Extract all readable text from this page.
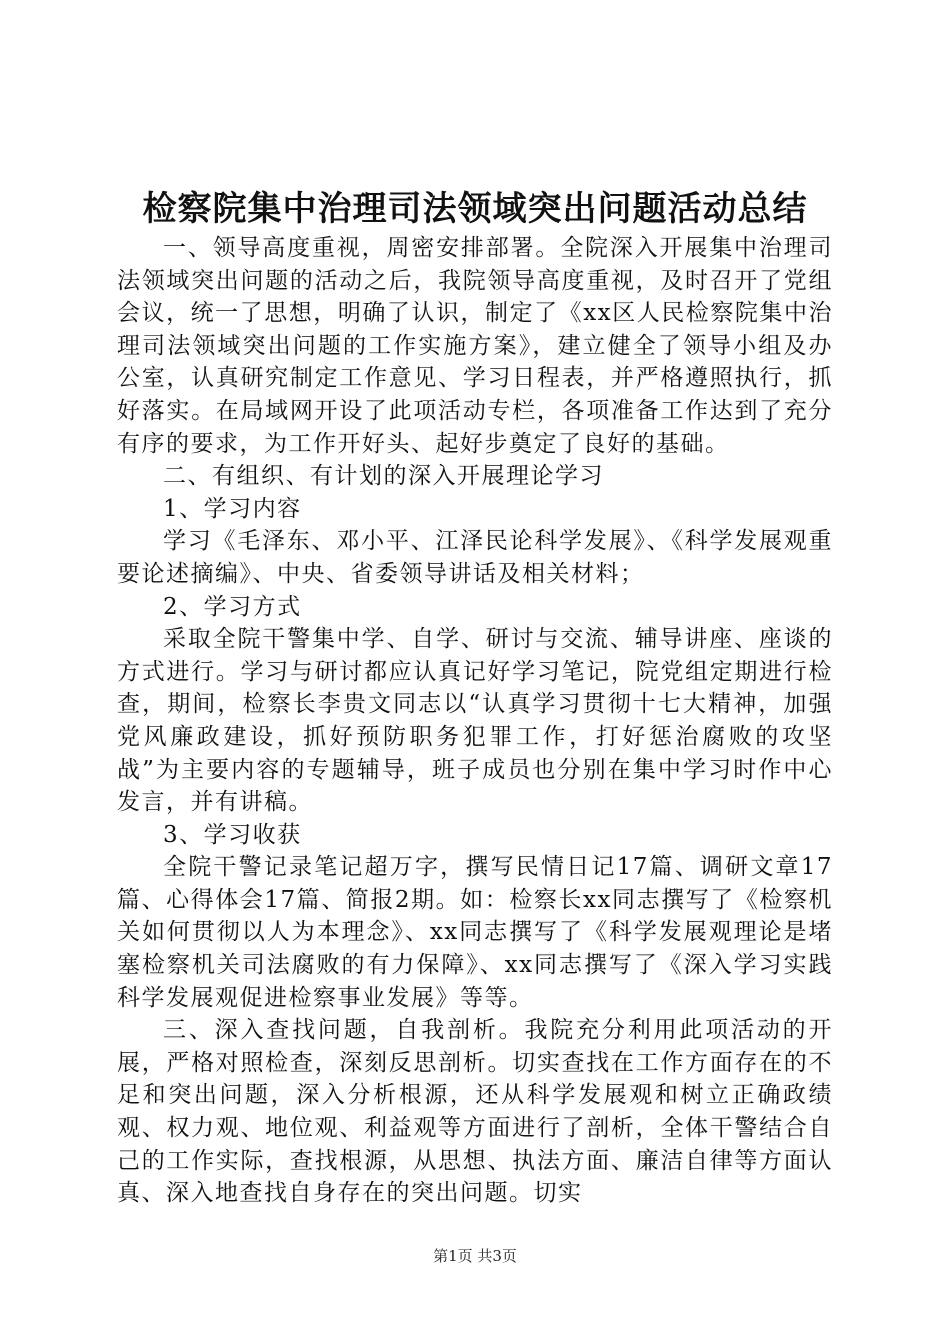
检察院集中治理司法领域突出问题活动总结

一、领导高度重视，周密安排部署。全院深入开展集中治理司法领域突出问题的活动之后，我院领导高度重视，及时召开了党组会议，统一了思想，明确了认识，制定了《xx区人民检察院集中治理司法领域突出问题的工作实施方案》，建立健全了领导小组及办公室，认真研究制定工作意见、学习日程表，并严格遵照执行，抓好落实。在局域网开设了此项活动专栏，各项准备工作达到了充分有序的要求，为工作开好头、起好步奠定了良好的基础。

二、有组织、有计划的深入开展理论学习

1、学习内容

学习《毛泽东、邓小平、江泽民论科学发展》、《科学发展观重要论述摘编》、中央、省委领导讲话及相关材料；

2、学习方式

采取全院干警集中学、自学、研讨与交流、辅导讲座、座谈的方式进行。学习与研讨都应认真记好学习笔记，院党组定期进行检查，期间，检察长李贵文同志以“认真学习贯彻十七大精神，加强党风廉政建设，抓好预防职务犯罪工作，打好惩治腐败的攻坚战”为主要内容的专题辅导，班子成员也分别在集中学习时作中心发言，并有讲稿。

3、学习收获

全院干警记录笔记超万字，撰写民情日记17篇、调研文章17篇、心得体会17篇、简报2期。如：检察长xx同志撰写了《检察机关如何贯彻以人为本理念》、xx同志撰写了《科学发展观理论是堵塞检察机关司法腐败的有力保障》、xx同志撰写了《深入学习实践科学发展观促进检察事业发展》等等。

三、深入查找问题，自我剖析。我院充分利用此项活动的开展，严格对照检查，深刻反思剖析。切实查找在工作方面存在的不足和突出问题，深入分析根源，还从科学发展观和树立正确政绩观、权力观、地位观、利益观等方面进行了剖析，全体干警结合自己的工作实际，查找根源，从思想、执法方面、廉洁自律等方面认真、深入地查找自身存在的突出问题。切实

第1页 共3页
